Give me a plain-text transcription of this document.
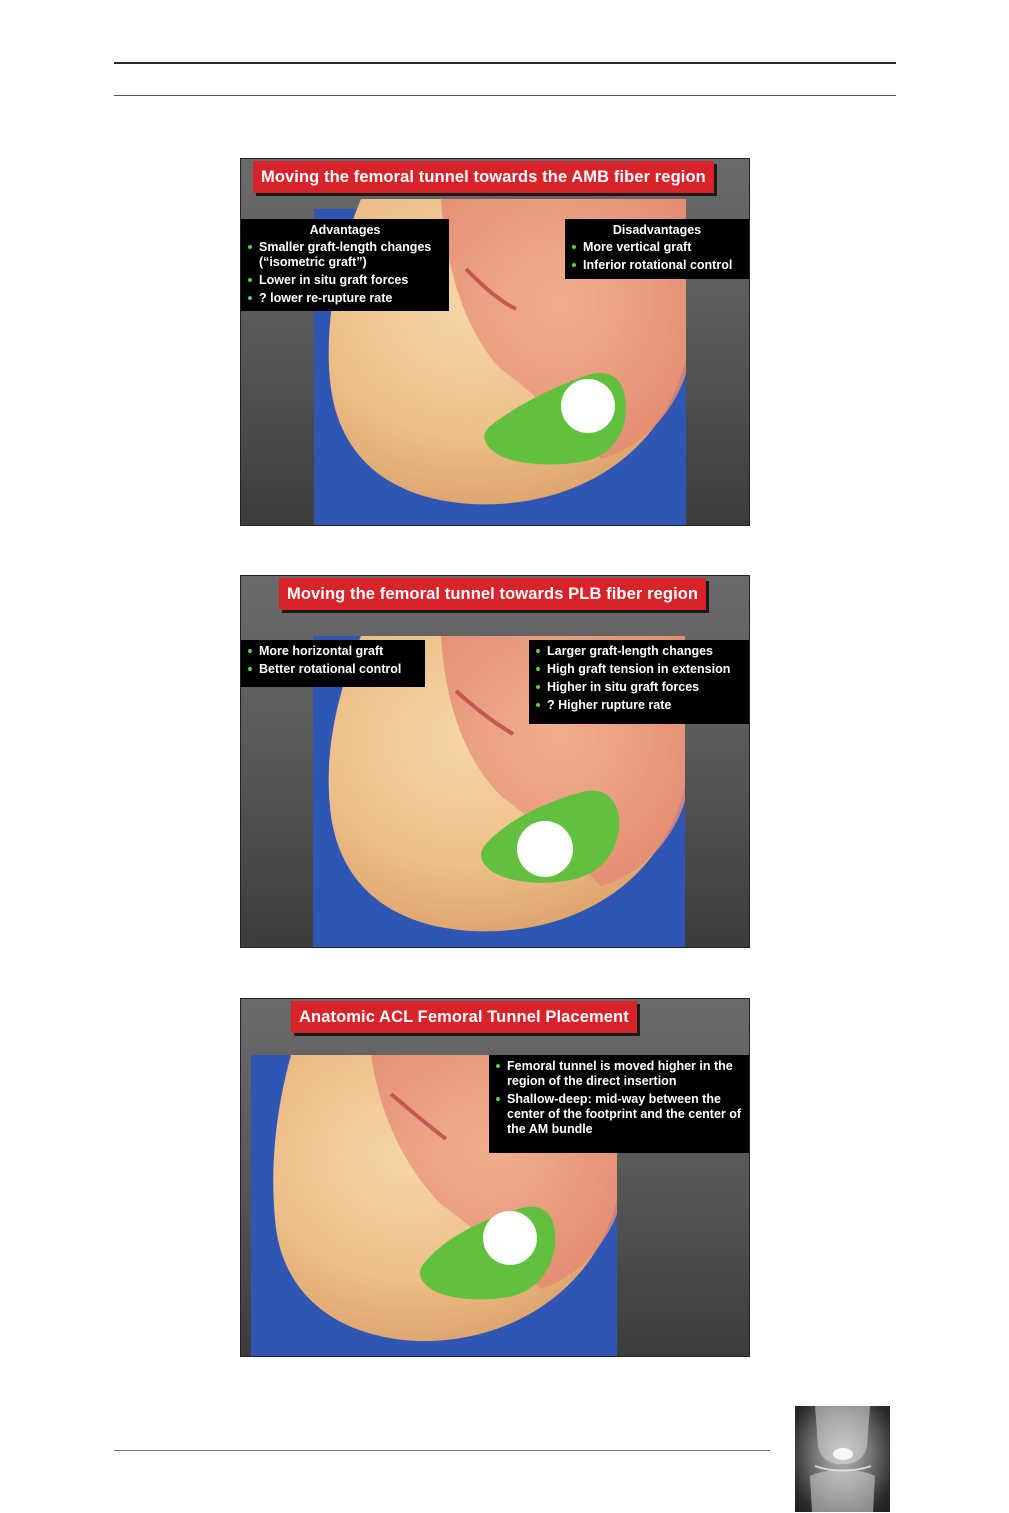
Moving the femoral tunnel towards the AMB fiber region
Advantages
Smaller graft-length changes (“isometric graft”)
Lower in situ graft forces
? lower re-rupture rate
Disadvantages
More vertical graft
Inferior rotational control
Moving the femoral tunnel towards PLB fiber region
More horizontal graft
Better rotational control
Larger graft-length changes
High graft tension in extension
Higher in situ graft forces
? Higher rupture rate
Anatomic ACL Femoral Tunnel Placement
Femoral tunnel is moved higher in the region of the direct insertion
Shallow-deep: mid-way between the center of the footprint and the center of the AM bundle
